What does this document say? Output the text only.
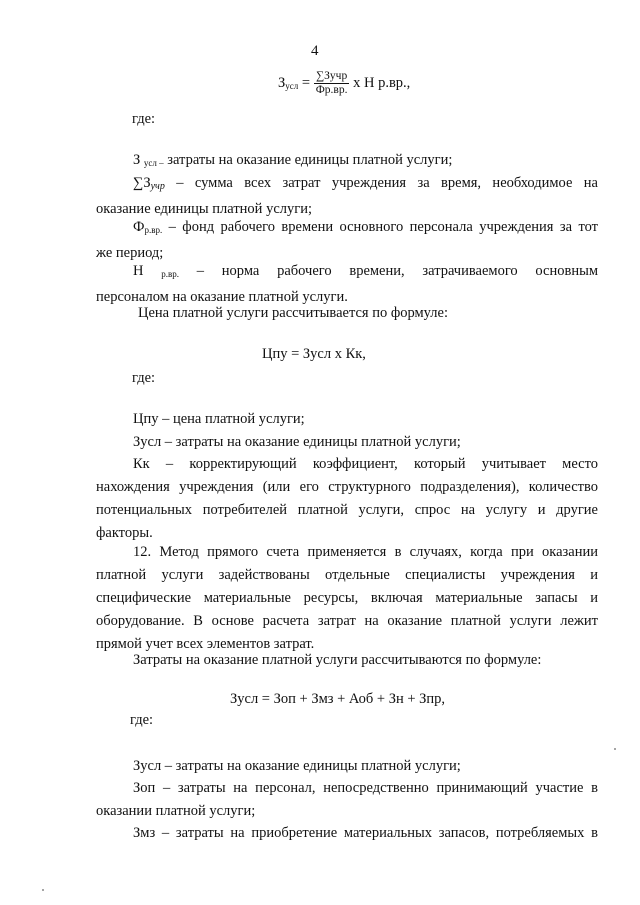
4
$З_{усл} = \frac{\text{∑Зучр}}{Фр.вр.}$ х Н р.вр.,
где:
З $_{усл -}$ затраты на оказание единицы платной услуги;
∑Зучр – сумма всех затрат учреждения за время, необходимое на
оказание единицы платной услуги;
$Ф_{р.вр.}$ – фонд рабочего времени основного персонала учреждения за тот
же период;
Н $_{р.вр.}$ – норма рабочего времени, затрачиваемого основным
персоналом на оказание платной услуги.
Цена платной услуги рассчитывается по формуле:
Цпу = Зусл х Кк,
где:
Цпу – цена платной услуги;
Зусл – затраты на оказание единицы платной услуги;
Кк – корректирующий коэффициент, который учитывает место
нахождения учреждения (или его структурного подразделения), количество
потенциальных потребителей платной услуги, спрос на услугу и другие
факторы.
12. Метод прямого счета применяется в случаях, когда при оказании
платной услуги задействованы отдельные специалисты учреждения и
специфические материальные ресурсы, включая материальные запасы и
оборудование. В основе расчета затрат на оказание платной услуги лежит
прямой учет всех элементов затрат.
Затраты на оказание платной услуги рассчитываются по формуле:
Зусл = Зоп + Змз + Аоб + Зн + Зпр,
где:
Зусл – затраты на оказание единицы платной услуги;
Зоп – затраты на персонал, непосредственно принимающий участие в
оказании платной услуги;
Змз – затраты на приобретение материальных запасов, потребляемых в
